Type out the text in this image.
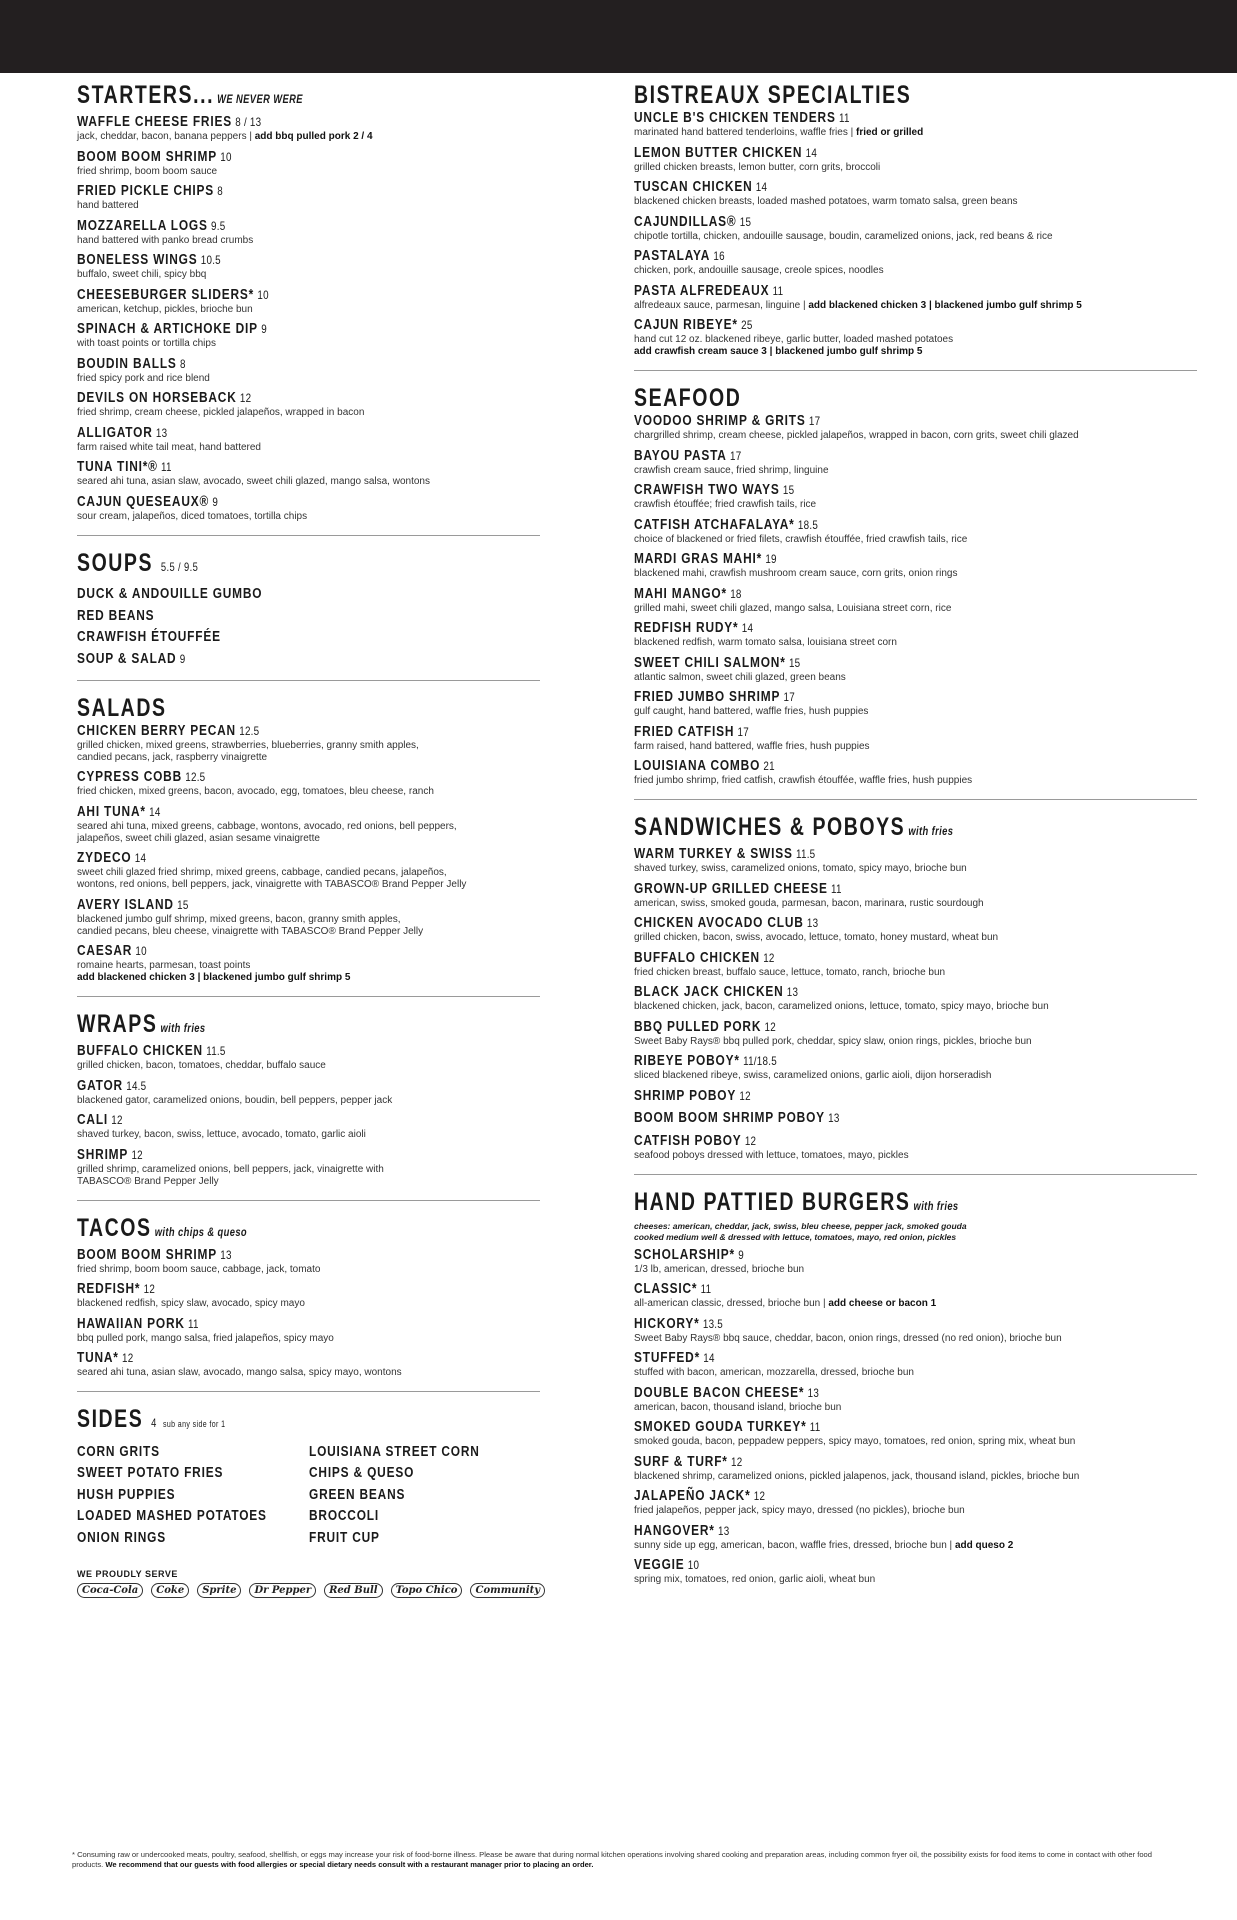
STARTERS... WE NEVER WERE
WAFFLE CHEESE FRIES 8 / 13
jack, cheddar, bacon, banana peppers | add bbq pulled pork 2 / 4
BOOM BOOM SHRIMP 10
fried shrimp, boom boom sauce
FRIED PICKLE CHIPS 8
hand battered
MOZZARELLA LOGS 9.5
hand battered with panko bread crumbs
BONELESS WINGS 10.5
buffalo, sweet chili, spicy bbq
CHEESEBURGER SLIDERS* 10
american, ketchup, pickles, brioche bun
SPINACH & ARTICHOKE DIP 9
with toast points or tortilla chips
BOUDIN BALLS 8
fried spicy pork and rice blend
DEVILS ON HORSEBACK 12
fried shrimp, cream cheese, pickled jalapeños, wrapped in bacon
ALLIGATOR 13
farm raised white tail meat, hand battered
TUNA TINI*® 11
seared ahi tuna, asian slaw, avocado, sweet chili glazed, mango salsa, wontons
CAJUN QUESEAUX® 9
sour cream, jalapeños, diced tomatoes, tortilla chips
SOUPS 5.5 / 9.5
DUCK & ANDOUILLE GUMBO
RED BEANS
CRAWFISH ÉTOUFFÉE
SOUP & SALAD 9
SALADS
CHICKEN BERRY PECAN 12.5
grilled chicken, mixed greens, strawberries, blueberries, granny smith apples,
candied pecans, jack, raspberry vinaigrette
CYPRESS COBB 12.5
fried chicken, mixed greens, bacon, avocado, egg, tomatoes, bleu cheese, ranch
AHI TUNA* 14
seared ahi tuna, mixed greens, cabbage, wontons, avocado, red onions, bell peppers,
jalapeños, sweet chili glazed, asian sesame vinaigrette
ZYDECO 14
sweet chili glazed fried shrimp, mixed greens, cabbage, candied pecans, jalapeños,
wontons, red onions, bell peppers, jack, vinaigrette with TABASCO® Brand Pepper Jelly
AVERY ISLAND 15
blackened jumbo gulf shrimp, mixed greens, bacon, granny smith apples,
candied pecans, bleu cheese, vinaigrette with TABASCO® Brand Pepper Jelly
CAESAR 10
romaine hearts, parmesan, toast points
add blackened chicken 3 | blackened jumbo gulf shrimp 5
WRAPS with fries
BUFFALO CHICKEN 11.5
grilled chicken, bacon, tomatoes, cheddar, buffalo sauce
GATOR 14.5
blackened gator, caramelized onions, boudin, bell peppers, pepper jack
CALI 12
shaved turkey, bacon, swiss, lettuce, avocado, tomato, garlic aioli
SHRIMP 12
grilled shrimp, caramelized onions, bell peppers, jack, vinaigrette with
TABASCO® Brand Pepper Jelly
TACOS with chips & queso
BOOM BOOM SHRIMP 13
fried shrimp, boom boom sauce, cabbage, jack, tomato
REDFISH* 12
blackened redfish, spicy slaw, avocado, spicy mayo
HAWAIIAN PORK 11
bbq pulled pork, mango salsa, fried jalapeños, spicy mayo
TUNA* 12
seared ahi tuna, asian slaw, avocado, mango salsa, spicy mayo, wontons
SIDES 4 sub any side for 1
CORN GRITS
SWEET POTATO FRIES
HUSH PUPPIES
LOADED MASHED POTATOES
ONION RINGS
LOUISIANA STREET CORN
CHIPS & QUESO
GREEN BEANS
BROCCOLI
FRUIT CUP
WE PROUDLY SERVE
Coca-Cola	Coke	Sprite	Dr Pepper	Red Bull	Topo Chico	Community
BISTREAUX SPECIALTIES
UNCLE B'S CHICKEN TENDERS 11
marinated hand battered tenderloins, waffle fries | fried or grilled
LEMON BUTTER CHICKEN 14
grilled chicken breasts, lemon butter, corn grits, broccoli
TUSCAN CHICKEN 14
blackened chicken breasts, loaded mashed potatoes, warm tomato salsa, green beans
CAJUNDILLAS® 15
chipotle tortilla, chicken, andouille sausage, boudin, caramelized onions, jack, red beans & rice
PASTALAYA 16
chicken, pork, andouille sausage, creole spices, noodles
PASTA ALFREDEAUX 11
alfredeaux sauce, parmesan, linguine | add blackened chicken 3 | blackened jumbo gulf shrimp 5
CAJUN RIBEYE* 25
hand cut 12 oz. blackened ribeye, garlic butter, loaded mashed potatoes
add crawfish cream sauce 3 | blackened jumbo gulf shrimp 5
SEAFOOD
VOODOO SHRIMP & GRITS 17
chargrilled shrimp, cream cheese, pickled jalapeños, wrapped in bacon, corn grits, sweet chili glazed
BAYOU PASTA 17
crawfish cream sauce, fried shrimp, linguine
CRAWFISH TWO WAYS 15
crawfish étouffée; fried crawfish tails, rice
CATFISH ATCHAFALAYA* 18.5
choice of blackened or fried filets, crawfish étouffée, fried crawfish tails, rice
MARDI GRAS MAHI* 19
blackened mahi, crawfish mushroom cream sauce, corn grits, onion rings
MAHI MANGO* 18
grilled mahi, sweet chili glazed, mango salsa, Louisiana street corn, rice
REDFISH RUDY* 14
blackened redfish, warm tomato salsa, louisiana street corn
SWEET CHILI SALMON* 15
atlantic salmon, sweet chili glazed, green beans
FRIED JUMBO SHRIMP 17
gulf caught, hand battered, waffle fries, hush puppies
FRIED CATFISH 17
farm raised, hand battered, waffle fries, hush puppies
LOUISIANA COMBO 21
fried jumbo shrimp, fried catfish, crawfish étouffée, waffle fries, hush puppies
SANDWICHES & POBOYS with fries
WARM TURKEY & SWISS 11.5
shaved turkey, swiss, caramelized onions, tomato, spicy mayo, brioche bun
GROWN-UP GRILLED CHEESE 11
american, swiss, smoked gouda, parmesan, bacon, marinara, rustic sourdough
CHICKEN AVOCADO CLUB 13
grilled chicken, bacon, swiss, avocado, lettuce, tomato, honey mustard, wheat bun
BUFFALO CHICKEN 12
fried chicken breast, buffalo sauce, lettuce, tomato, ranch, brioche bun
BLACK JACK CHICKEN 13
blackened chicken, jack, bacon, caramelized onions, lettuce, tomato, spicy mayo, brioche bun
BBQ PULLED PORK 12
Sweet Baby Rays® bbq pulled pork, cheddar, spicy slaw, onion rings, pickles, brioche bun
RIBEYE POBOY* 11/18.5
sliced blackened ribeye, swiss, caramelized onions, garlic aioli, dijon horseradish
SHRIMP POBOY 12
BOOM BOOM SHRIMP POBOY 13
CATFISH POBOY 12
seafood poboys dressed with lettuce, tomatoes, mayo, pickles
HAND PATTIED BURGERS with fries
cheeses: american, cheddar, jack, swiss, bleu cheese, pepper jack, smoked gouda
cooked medium well & dressed with lettuce, tomatoes, mayo, red onion, pickles
SCHOLARSHIP* 9
1/3 lb, american, dressed, brioche bun
CLASSIC* 11
all-american classic, dressed, brioche bun | add cheese or bacon 1
HICKORY* 13.5
Sweet Baby Rays® bbq sauce, cheddar, bacon, onion rings, dressed (no red onion), brioche bun
STUFFED* 14
stuffed with bacon, american, mozzarella, dressed, brioche bun
DOUBLE BACON CHEESE* 13
american, bacon, thousand island, brioche bun
SMOKED GOUDA TURKEY* 11
smoked gouda, bacon, peppadew peppers, spicy mayo, tomatoes, red onion, spring mix, wheat bun
SURF & TURF* 12
blackened shrimp, caramelized onions, pickled jalapenos, jack, thousand island, pickles, brioche bun
JALAPEÑO JACK* 12
fried jalapeños, pepper jack, spicy mayo, dressed (no pickles), brioche bun
HANGOVER* 13
sunny side up egg, american, bacon, waffle fries, dressed, brioche bun | add queso 2
VEGGIE 10
spring mix, tomatoes, red onion, garlic aioli, wheat bun
* Consuming raw or undercooked meats, poultry, seafood, shellfish, or eggs may increase your risk of food-borne illness. Please be aware that during normal kitchen operations involving shared cooking and preparation areas, including common fryer oil, the possibility exists for food items to come in contact with other food products. We recommend that our guests with food allergies or special dietary needs consult with a restaurant manager prior to placing an order.
